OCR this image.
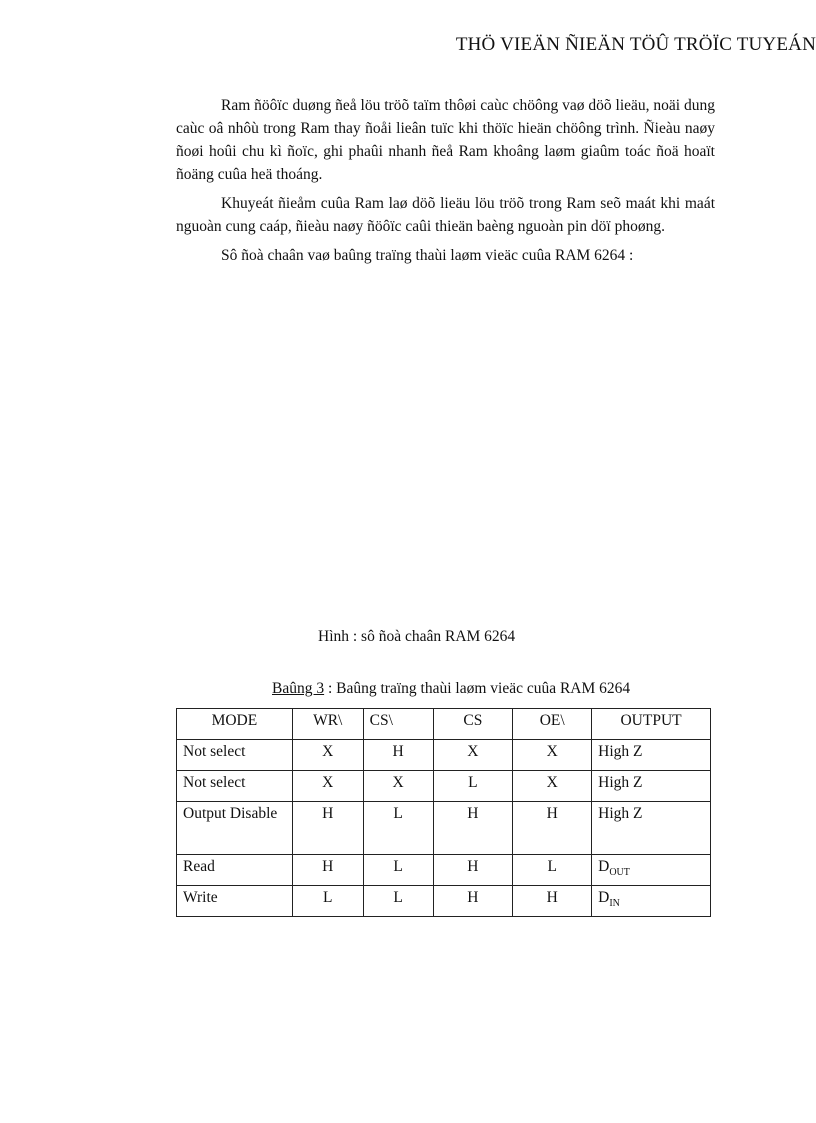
THÖ VIEÄN ÑIEÄN TÖÛ TRÖÏC TUYEÁN

Ram ñöôïc duøng ñeå löu tröõ taïm thôøi caùc chöông vaø döõ lieäu, noäi dung caùc oâ nhôù trong Ram thay ñoåi lieân tuïc khi thöïc hieän chöông trình. Ñieàu naøy ñoøi hoûi chu kì ñoïc, ghi phaûi nhanh ñeå Ram khoâng laøm giaûm toác ñoä hoaït ñoäng cuûa heä thoáng.

Khuyeát ñieåm cuûa Ram laø döõ lieäu löu tröõ trong Ram seõ maát khi maát nguoàn cung caáp, ñieàu naøy ñöôïc caûi thieän baèng nguoàn pin döï phoøng.

Sô ñoà chaân vaø baûng traïng thaùi laøm vieäc cuûa RAM 6264 :

Hình : sô ñoà chaân RAM 6264
Baûng 3 : Baûng traïng thaùi laøm vieäc cuûa RAM 6264
MODE	WR\	CS\	CS	OE\	OUTPUT
Not select	X	H	X	X	High Z
Not select	X	X	L	X	High Z
Output Disable	H	L	H	H	High Z
Read	H	L	H	L	$D_{OUT}$
Write	L	L	H	H	$D_{IN}$
